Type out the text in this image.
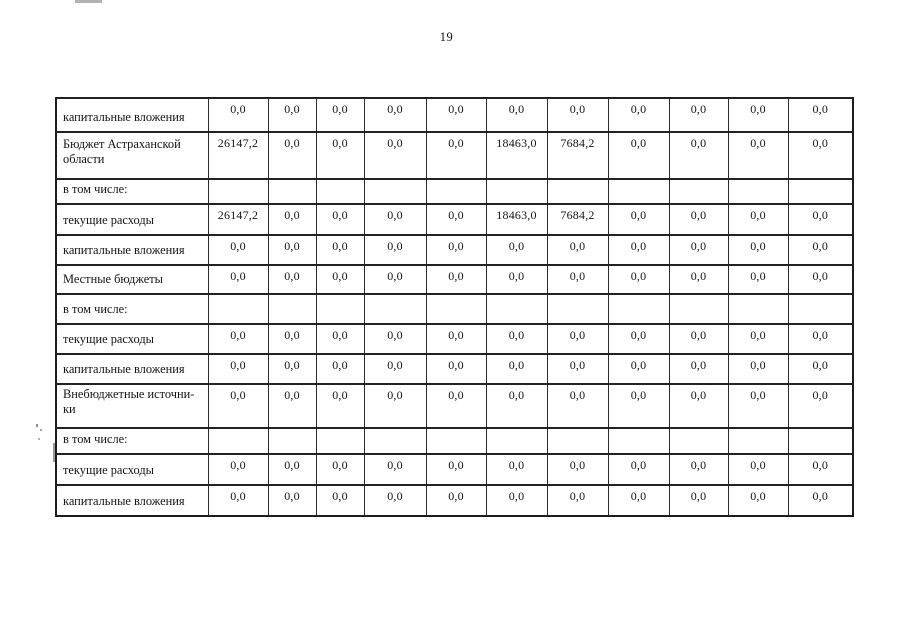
19
капитальные вложения	0,0	0,0	0,0	0,0	0,0	0,0	0,0	0,0	0,0	0,0	0,0
Бюджет Астраханской области	26147,2	0,0	0,0	0,0	0,0	18463,0	7684,2	0,0	0,0	0,0	0,0
в том числе:											
текущие расходы	26147,2	0,0	0,0	0,0	0,0	18463,0	7684,2	0,0	0,0	0,0	0,0
капитальные вложения	0,0	0,0	0,0	0,0	0,0	0,0	0,0	0,0	0,0	0,0	0,0
Местные бюджеты	0,0	0,0	0,0	0,0	0,0	0,0	0,0	0,0	0,0	0,0	0,0
в том числе:											
текущие расходы	0,0	0,0	0,0	0,0	0,0	0,0	0,0	0,0	0,0	0,0	0,0
капитальные вложения	0,0	0,0	0,0	0,0	0,0	0,0	0,0	0,0	0,0	0,0	0,0
Внебюджетные источни-ки	0,0	0,0	0,0	0,0	0,0	0,0	0,0	0,0	0,0	0,0	0,0
в том числе:											
текущие расходы	0,0	0,0	0,0	0,0	0,0	0,0	0,0	0,0	0,0	0,0	0,0
капитальные вложения	0,0	0,0	0,0	0,0	0,0	0,0	0,0	0,0	0,0	0,0	0,0
